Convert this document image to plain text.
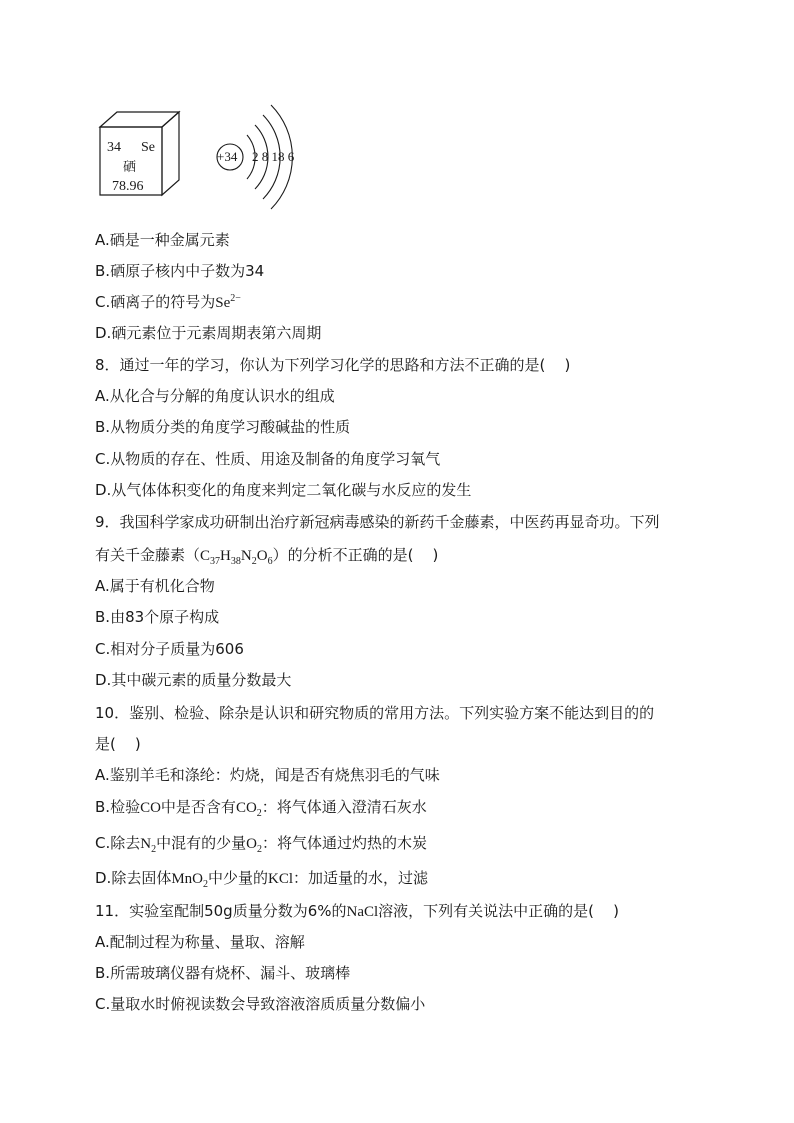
34 Se
硒
78.96
+34 2 8 18 6
A.硒是一种金属元素
B.硒原子核内中子数为34
C.硒离子的符号为$Se^{2-}$
D.硒元素位于元素周期表第六周期
8．通过一年的学习，你认为下列学习化学的思路和方法不正确的是(    )
A.从化合与分解的角度认识水的组成
B.从物质分类的角度学习酸碱盐的性质
C.从物质的存在、性质、用途及制备的角度学习氧气
D.从气体体积变化的角度来判定二氧化碳与水反应的发生
9．我国科学家成功研制出治疗新冠病毒感染的新药千金藤素，中医药再显奇功。下列
有关千金藤素$(C_{37}H_{38}N_2O_6)$的分析不正确的是(    )
A.属于有机化合物
B.由83个原子构成
C.相对分子质量为606
D.其中碳元素的质量分数最大
10．鉴别、检验、除杂是认识和研究物质的常用方法。下列实验方案不能达到目的的
是(    )
A.鉴别羊毛和涤纶：灼烧，闻是否有烧焦羽毛的气味
B.检验CO中是否含有$CO_2$：将气体通入澄清石灰水
C.除去$N_2$中混有的少量$O_2$：将气体通过灼热的木炭
D.除去固体MnO$_2$中少量的KCl：加适量的水，过滤
11．实验室配制50g质量分数为6%的NaCl溶液，下列有关说法中正确的是(    )
A.配制过程为称量、量取、溶解
B.所需玻璃仪器有烧杯、漏斗、玻璃棒
C.量取水时俯视读数会导致溶液溶质质量分数偏小
